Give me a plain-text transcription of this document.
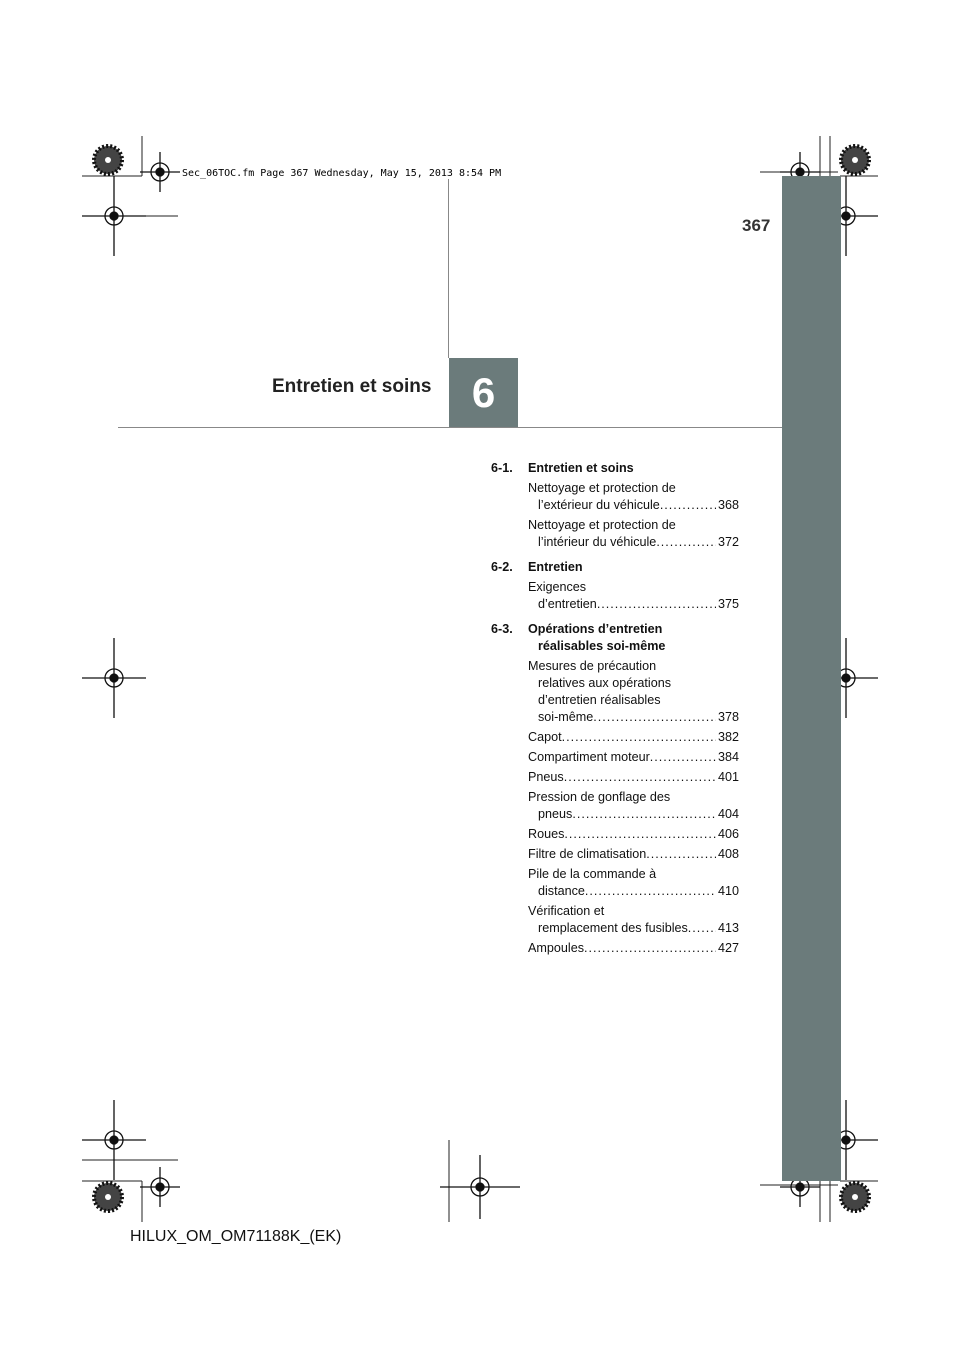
Sec_06TOC.fm Page 367 Wednesday, May 15, 2013 8:54 PM
367
Entretien et soins 6
6-1. Entretien et soins
Nettoyage et protection de
l’extérieur du véhicule .....	368
Nettoyage et protection de
l’intérieur du véhicule .....	372
6-2. Entretien
Exigences
d’entretien .....	375
6-3. Opérations d’entretien réalisables soi-même
Mesures de précaution
relatives aux opérations
d’entretien réalisables
soi-même .....	378
Capot .....	382
Compartiment moteur .....	384
Pneus .....	401
Pression de gonflage des
pneus .....	404
Roues .....	406
Filtre de climatisation .....	408
Pile de la commande à
distance .....	410
Vérification et
remplacement des fusibles ..... 413
Ampoules .....	427
HILUX_OM_OM71188K_(EK)
